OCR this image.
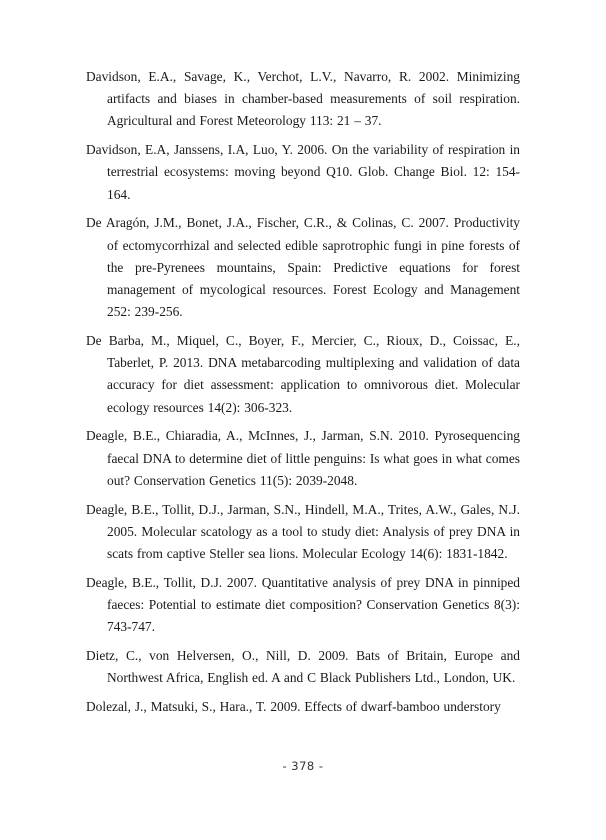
Davidson, E.A., Savage, K., Verchot, L.V., Navarro, R. 2002. Minimizing artifacts and biases in chamber-based measurements of soil respiration. Agricultural and Forest Meteorology 113: 21 – 37.

Davidson, E.A, Janssens, I.A, Luo, Y. 2006. On the variability of respiration in terrestrial ecosystems: moving beyond Q10. Glob. Change Biol. 12: 154-164.

De Aragón, J.M., Bonet, J.A., Fischer, C.R., & Colinas, C. 2007. Productivity of ectomycorrhizal and selected edible saprotrophic fungi in pine forests of the pre-Pyrenees mountains, Spain: Predictive equations for forest management of mycological resources. Forest Ecology and Management 252: 239-256.

De Barba, M., Miquel, C., Boyer, F., Mercier, C., Rioux, D., Coissac, E., Taberlet, P. 2013. DNA metabarcoding multiplexing and validation of data accuracy for diet assessment: application to omnivorous diet. Molecular ecology resources 14(2): 306-323.

Deagle, B.E., Chiaradia, A., McInnes, J., Jarman, S.N. 2010. Pyrosequencing faecal DNA to determine diet of little penguins: Is what goes in what comes out? Conservation Genetics 11(5): 2039-2048.

Deagle, B.E., Tollit, D.J., Jarman, S.N., Hindell, M.A., Trites, A.W., Gales, N.J. 2005. Molecular scatology as a tool to study diet: Analysis of prey DNA in scats from captive Steller sea lions. Molecular Ecology 14(6): 1831-1842.

Deagle, B.E., Tollit, D.J. 2007. Quantitative analysis of prey DNA in pinniped faeces: Potential to estimate diet composition? Conservation Genetics 8(3): 743-747.

Dietz, C., von Helversen, O., Nill, D. 2009. Bats of Britain, Europe and Northwest Africa, English ed. A and C Black Publishers Ltd., London, UK.

Dolezal, J., Matsuki, S., Hara., T. 2009. Effects of dwarf-bamboo understory

- 378 -
